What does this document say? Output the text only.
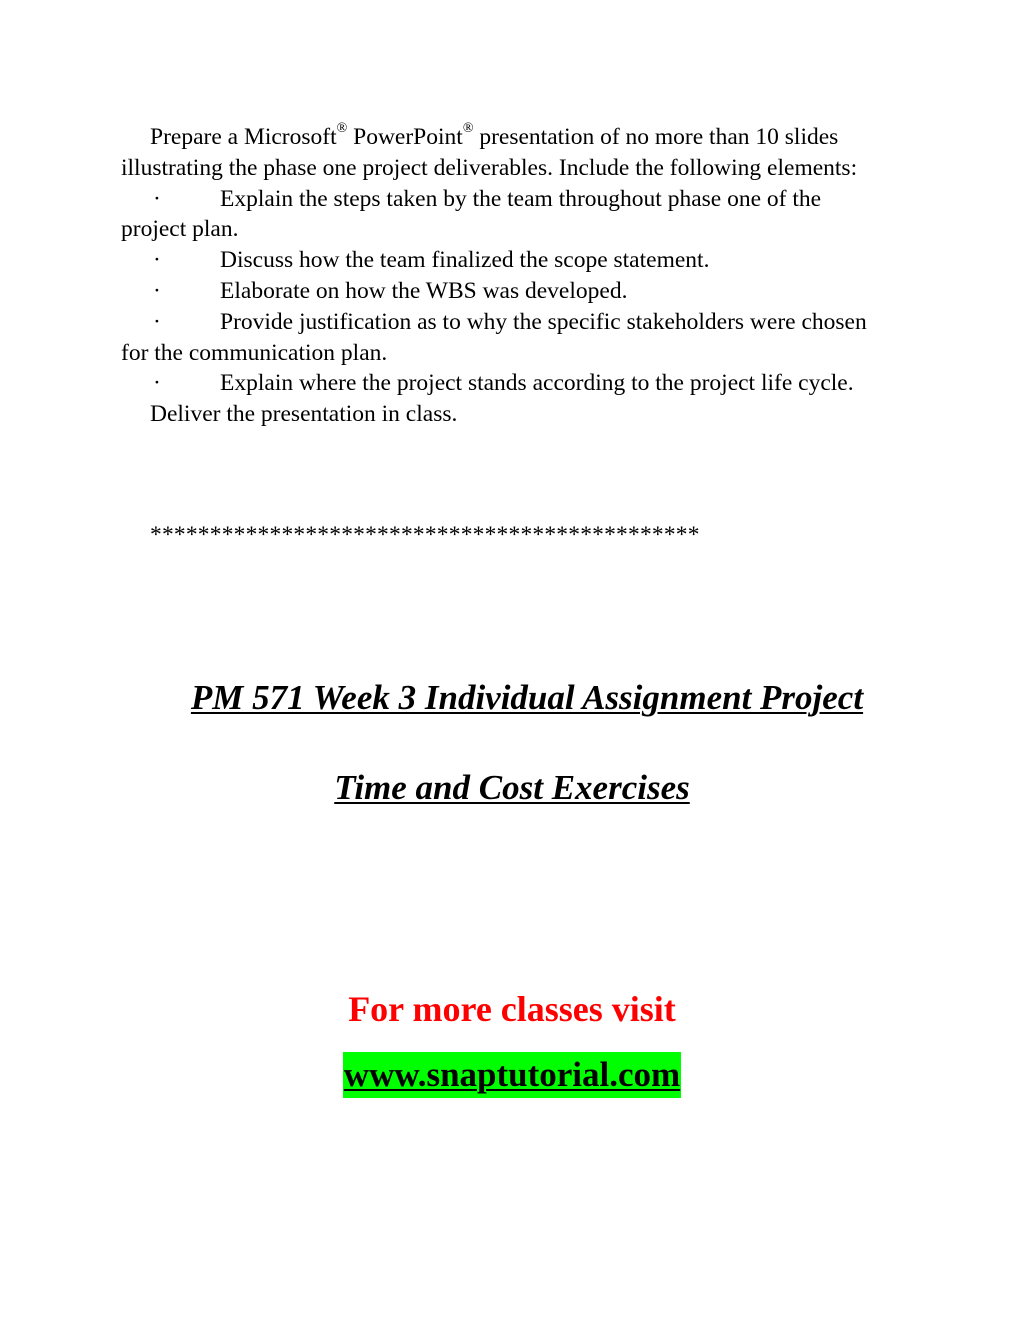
Prepare a Microsoft® PowerPoint® presentation of no more than 10 slides illustrating the phase one project deliverables. Include the following elements:

·	Explain the steps taken by the team throughout phase one of the project plan.

·	Discuss how the team finalized the scope statement.

·	Elaborate on how the WBS was developed.

·	Provide justification as to why the specific stakeholders were chosen for the communication plan.

·	Explain where the project stands according to the project life cycle.

Deliver the presentation in class.

**********************************************
PM 571 Week 3 Individual Assignment Project
Time and Cost Exercises
For more classes visit
www.snaptutorial.com
